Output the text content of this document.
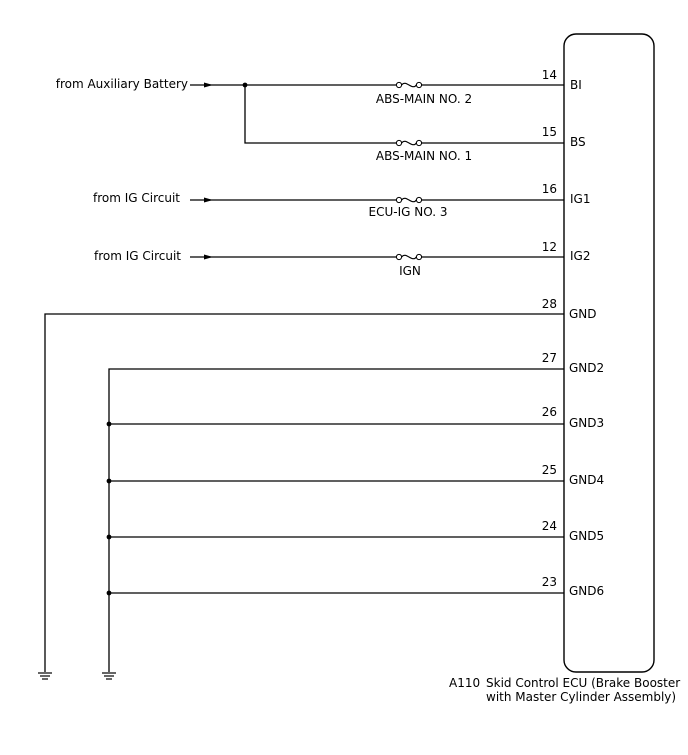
from Auxiliary Battery
ABS-MAIN NO. 2
14
BI
ABS-MAIN NO. 1
15
BS
from IG Circuit
ECU-IG NO. 3
16
IG1
from IG Circuit
IGN
12
IG2
28
GND
27
GND2
26
GND3
25
GND4
24
GND5
23
GND6
A110 Skid Control ECU (Brake Booster
with Master Cylinder Assembly)
